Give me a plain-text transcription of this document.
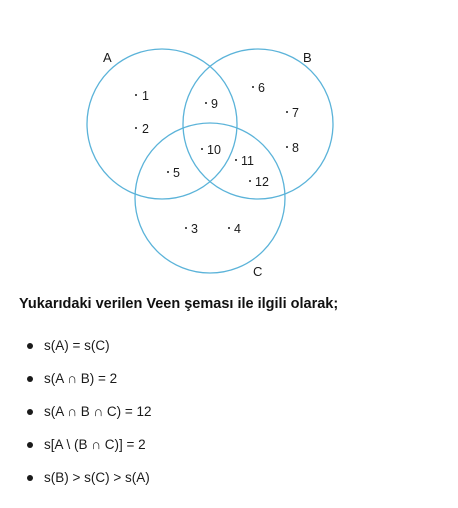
A	B
C
1
2
9
6
7
8
10
11
12
5
3	4
Yukarıdaki verilen Veen şeması ile ilgili olarak;
s(A) = s(C)
s(A ∩ B) = 2
s(A ∩ B ∩ C) = 12
s[A \ (B ∩ C)] = 2
s(B) > s(C) > s(A)
